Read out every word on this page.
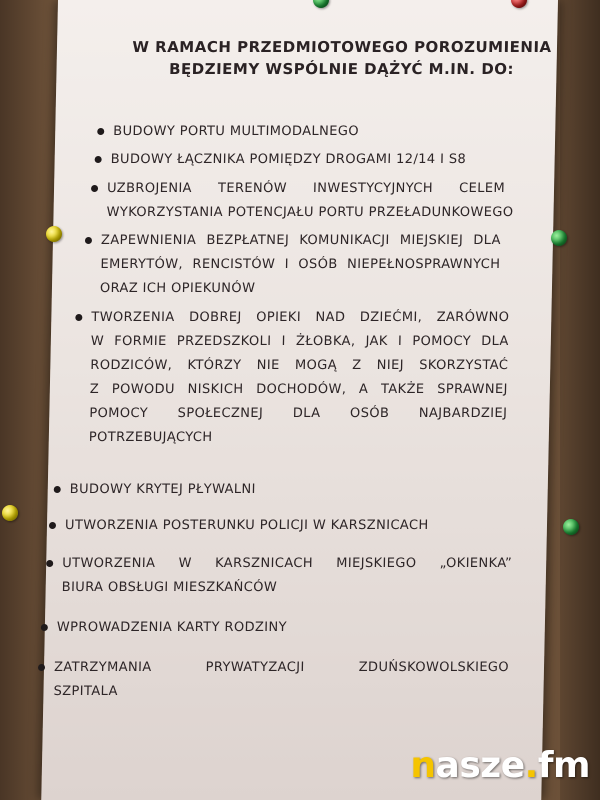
W RAMACH PRZEDMIOTOWEGO POROZUMIENIA
BĘDZIEMY WSPÓLNIE DĄŻYĆ M.IN. DO:
BUDOWY PORTU MULTIMODALNEGO
BUDOWY ŁĄCZNIKA POMIĘDZY DROGAMI 12/14 I S8
UZBROJENIA TERENÓW INWESTYCYJNYCH CELEM
WYKORZYSTANIA POTENCJAŁU PORTU PRZEŁADUNKOWEGO
ZAPEWNIENIA BEZPŁATNEJ KOMUNIKACJI MIEJSKIEJ DLA
EMERYTÓW, RENCISTÓW I OSÓB NIEPEŁNOSPRAWNYCH
ORAZ ICH OPIEKUNÓW
TWORZENIA DOBREJ OPIEKI NAD DZIEĆMI, ZARÓWNO
W FORMIE PRZEDSZKOLI I ŻŁOBKA, JAK I POMOCY DLA
RODZICÓW, KTÓRZY NIE MOGĄ Z NIEJ SKORZYSTAĆ
Z POWODU NISKICH DOCHODÓW, A TAKŻE SPRAWNEJ
POMOCY SPOŁECZNEJ DLA OSÓB NAJBARDZIEJ
POTRZEBUJĄCYCH
BUDOWY KRYTEJ PŁYWALNI
UTWORZENIA POSTERUNKU POLICJI W KARSZNICACH
UTWORZENIA W KARSZNICACH MIEJSKIEGO „OKIENKA”
BIURA OBSŁUGI MIESZKAŃCÓW
WPROWADZENIA KARTY RODZINY
ZATRZYMANIA	PRYWATYZACJI	ZDUŃSKOWOLSKIEGO
SZPITALA
nasze.fm
